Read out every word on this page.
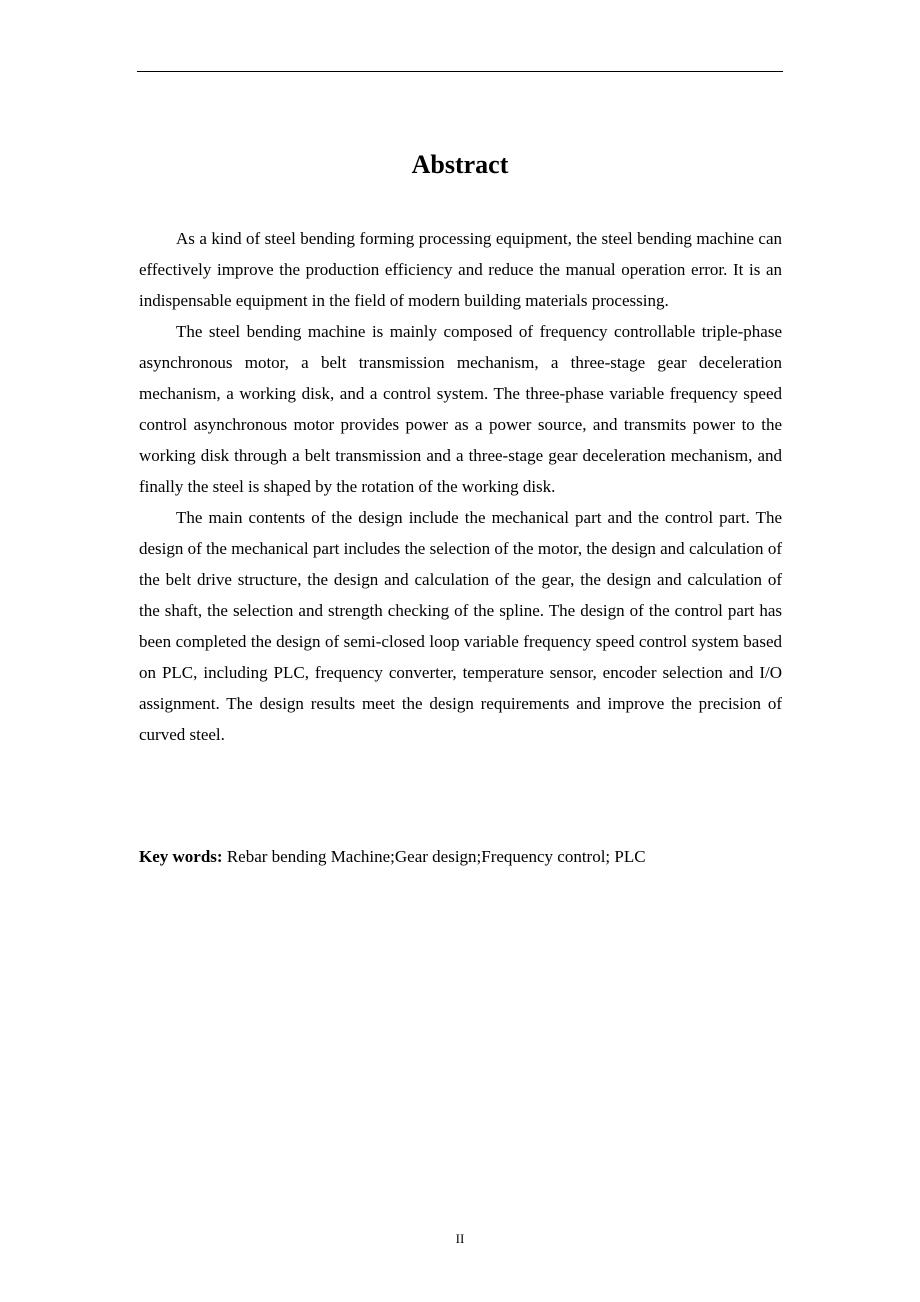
Abstract

As a kind of steel bending forming processing equipment, the steel bending machine can effectively improve the production efficiency and reduce the manual operation error. It is an indispensable equipment in the field of modern building materials processing.

The steel bending machine is mainly composed of frequency controllable triple-phase asynchronous motor, a belt transmission mechanism, a three-stage gear deceleration mechanism, a working disk, and a control system. The three-phase variable frequency speed control asynchronous motor provides power as a power source, and transmits power to the working disk through a belt transmission and a three-stage gear deceleration mechanism, and finally the steel is shaped by the rotation of the working disk.

The main contents of the design include the mechanical part and the control part. The design of the mechanical part includes the selection of the motor, the design and calculation of the belt drive structure, the design and calculation of the gear, the design and calculation of the shaft, the selection and strength checking of the spline. The design of the control part has been completed the design of semi-closed loop variable frequency speed control system based on PLC, including PLC, frequency converter, temperature sensor, encoder selection and I/O assignment. The design results meet the design requirements and improve the precision of curved steel.

Key words: Rebar bending Machine;Gear design;Frequency control; PLC

II
